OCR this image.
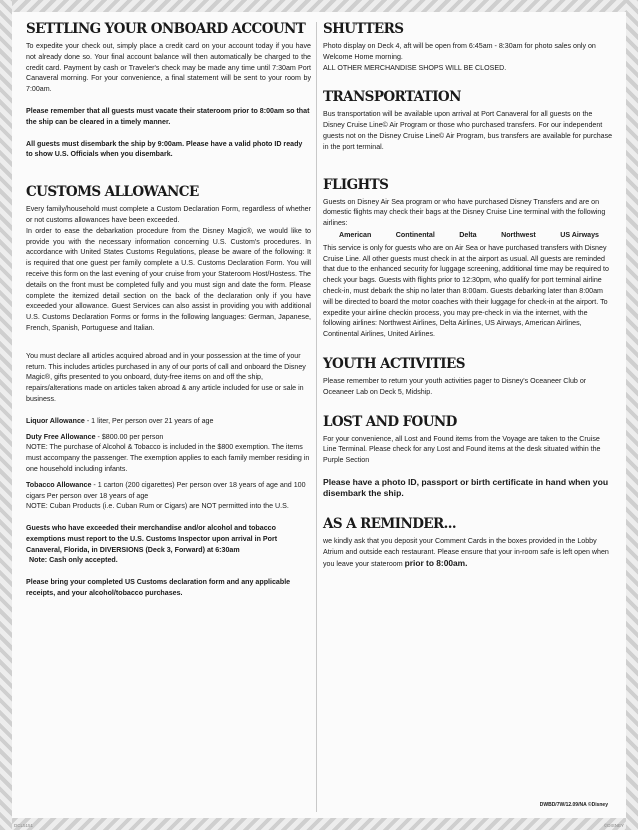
SETTLING YOUR ONBOARD ACCOUNT

To expedite your check out, simply place a credit card on your account today if you have not already done so. Your final account balance will then automatically be charged to the credit card. Payment by cash or Traveler's check may be made any time until 7:30am Port Canaveral morning. For your convenience, a final statement will be sent to your room by 7:00am.

Please remember that all guests must vacate their stateroom prior to 8:00am so that the ship can be cleared in a timely manner.

All guests must disembark the ship by 9:00am. Please have a valid photo ID ready to show U.S. Officials when you disembark.

CUSTOMS ALLOWANCE

Every family/household must complete a Custom Declaration Form, regardless of whether or not customs allowances have been exceeded.

In order to ease the debarkation procedure from the Disney Magic®, we would like to provide you with the necessary information concerning U.S. Custom's procedures. In accordance with United States Customs Regulations, please be aware of the following: It is required that one guest per family complete a U.S. Customs Declaration Form. You will receive this form on the last evening of your cruise from your Stateroom Host/Hostess. The details on the front must be completed fully and you must sign and date the form. Please complete the itemized detail section on the back of the declaration only if you have exceeded your allowance. Guest Services can also assist in providing you with additional U.S. Customs Declaration Forms or forms in the following languages: German, Japanese, French, Spanish, Portuguese and Italian.

You must declare all articles acquired abroad and in your possession at the time of your return. This includes articles purchased in any of our ports of call and onboard the Disney Magic®, gifts presented to you onboard, duty-free items on and off the ship, repairs/alterations made on articles taken abroad & any article included for use or sale in business.

Liquor Allowance - 1 liter, Per person over 21 years of age

Duty Free Allowance - $800.00 per person

NOTE: The purchase of Alcohol & Tobacco is included in the $800 exemption. The items must accompany the passenger. The exemption applies to each family member residing in one household including infants.

Tobacco Allowance - 1 carton (200 cigarettes) Per person over 18 years of age and 100 cigars Per person over 18 years of age

NOTE: Cuban Products (i.e. Cuban Rum or Cigars) are NOT permitted into the U.S.

Guests who have exceeded their merchandise and/or alcohol and tobacco exemptions must report to the U.S. Customs Inspector upon arrival in Port Canaveral, Florida, in DIVERSIONS (Deck 3, Forward) at 6:30am

Note: Cash only accepted.

Please bring your completed US Customs declaration form and any applicable receipts, and your alcohol/tobacco purchases.

SHUTTERS

Photo display on Deck 4, aft will be open from 6:45am - 8:30am for photo sales only on Welcome Home morning.

ALL OTHER MERCHANDISE SHOPS WILL BE CLOSED.

TRANSPORTATION

Bus transportation will be available upon arrival at Port Canaveral for all guests on the Disney Cruise Line© Air Program or those who purchased transfers. For our independent guests not on the Disney Cruise Line© Air Program, bus transfers are available for purchase in the port terminal.

FLIGHTS

Guests on Disney Air Sea program or who have purchased Disney Transfers and are on domestic flights may check their bags at the Disney Cruise Line terminal with the following airlines:

American	Continental	Delta	Northwest	US Airways

This service is only for guests who are on Air Sea or have purchased transfers with Disney Cruise Line. All other guests must check in at the airport as usual. All guests are reminded that due to the enhanced security for luggage screening, additional time may be required to check your bags. Guests with flights prior to 12:30pm, who qualify for port terminal airline check-in, must debark the ship no later than 8:00am. Guests debarking later than 8:00am will be directed to board the motor coaches with their luggage for check-in at the airport. To expedite your airline checkin process, you may pre-check in via the internet, with the following airlines: Northwest Airlines, Delta Airlines, US Airways, American Airlines, Continental Airlines, United Airlines.

YOUTH ACTIVITIES

Please remember to return your youth activities pager to Disney's Oceaneer Club or Oceaneer Lab on Deck 5, Midship.

LOST AND FOUND

For your convenience, all Lost and Found items from the Voyage are taken to the Cruise Line Terminal. Please check for any Lost and Found items at the desk situated within the Purple Section

Please have a photo ID, passport or birth certificate in hand when you disembark the ship.

AS A REMINDER...

we kindly ask that you deposit your Comment Cards in the boxes provided in the Lobby Atrium and outside each restaurant. Please ensure that your in-room safe is left open when you leave your stateroom prior to 8:00am.

DWBD/7W/12.09/NA ©Disney
DCL5151	©DISNEY
